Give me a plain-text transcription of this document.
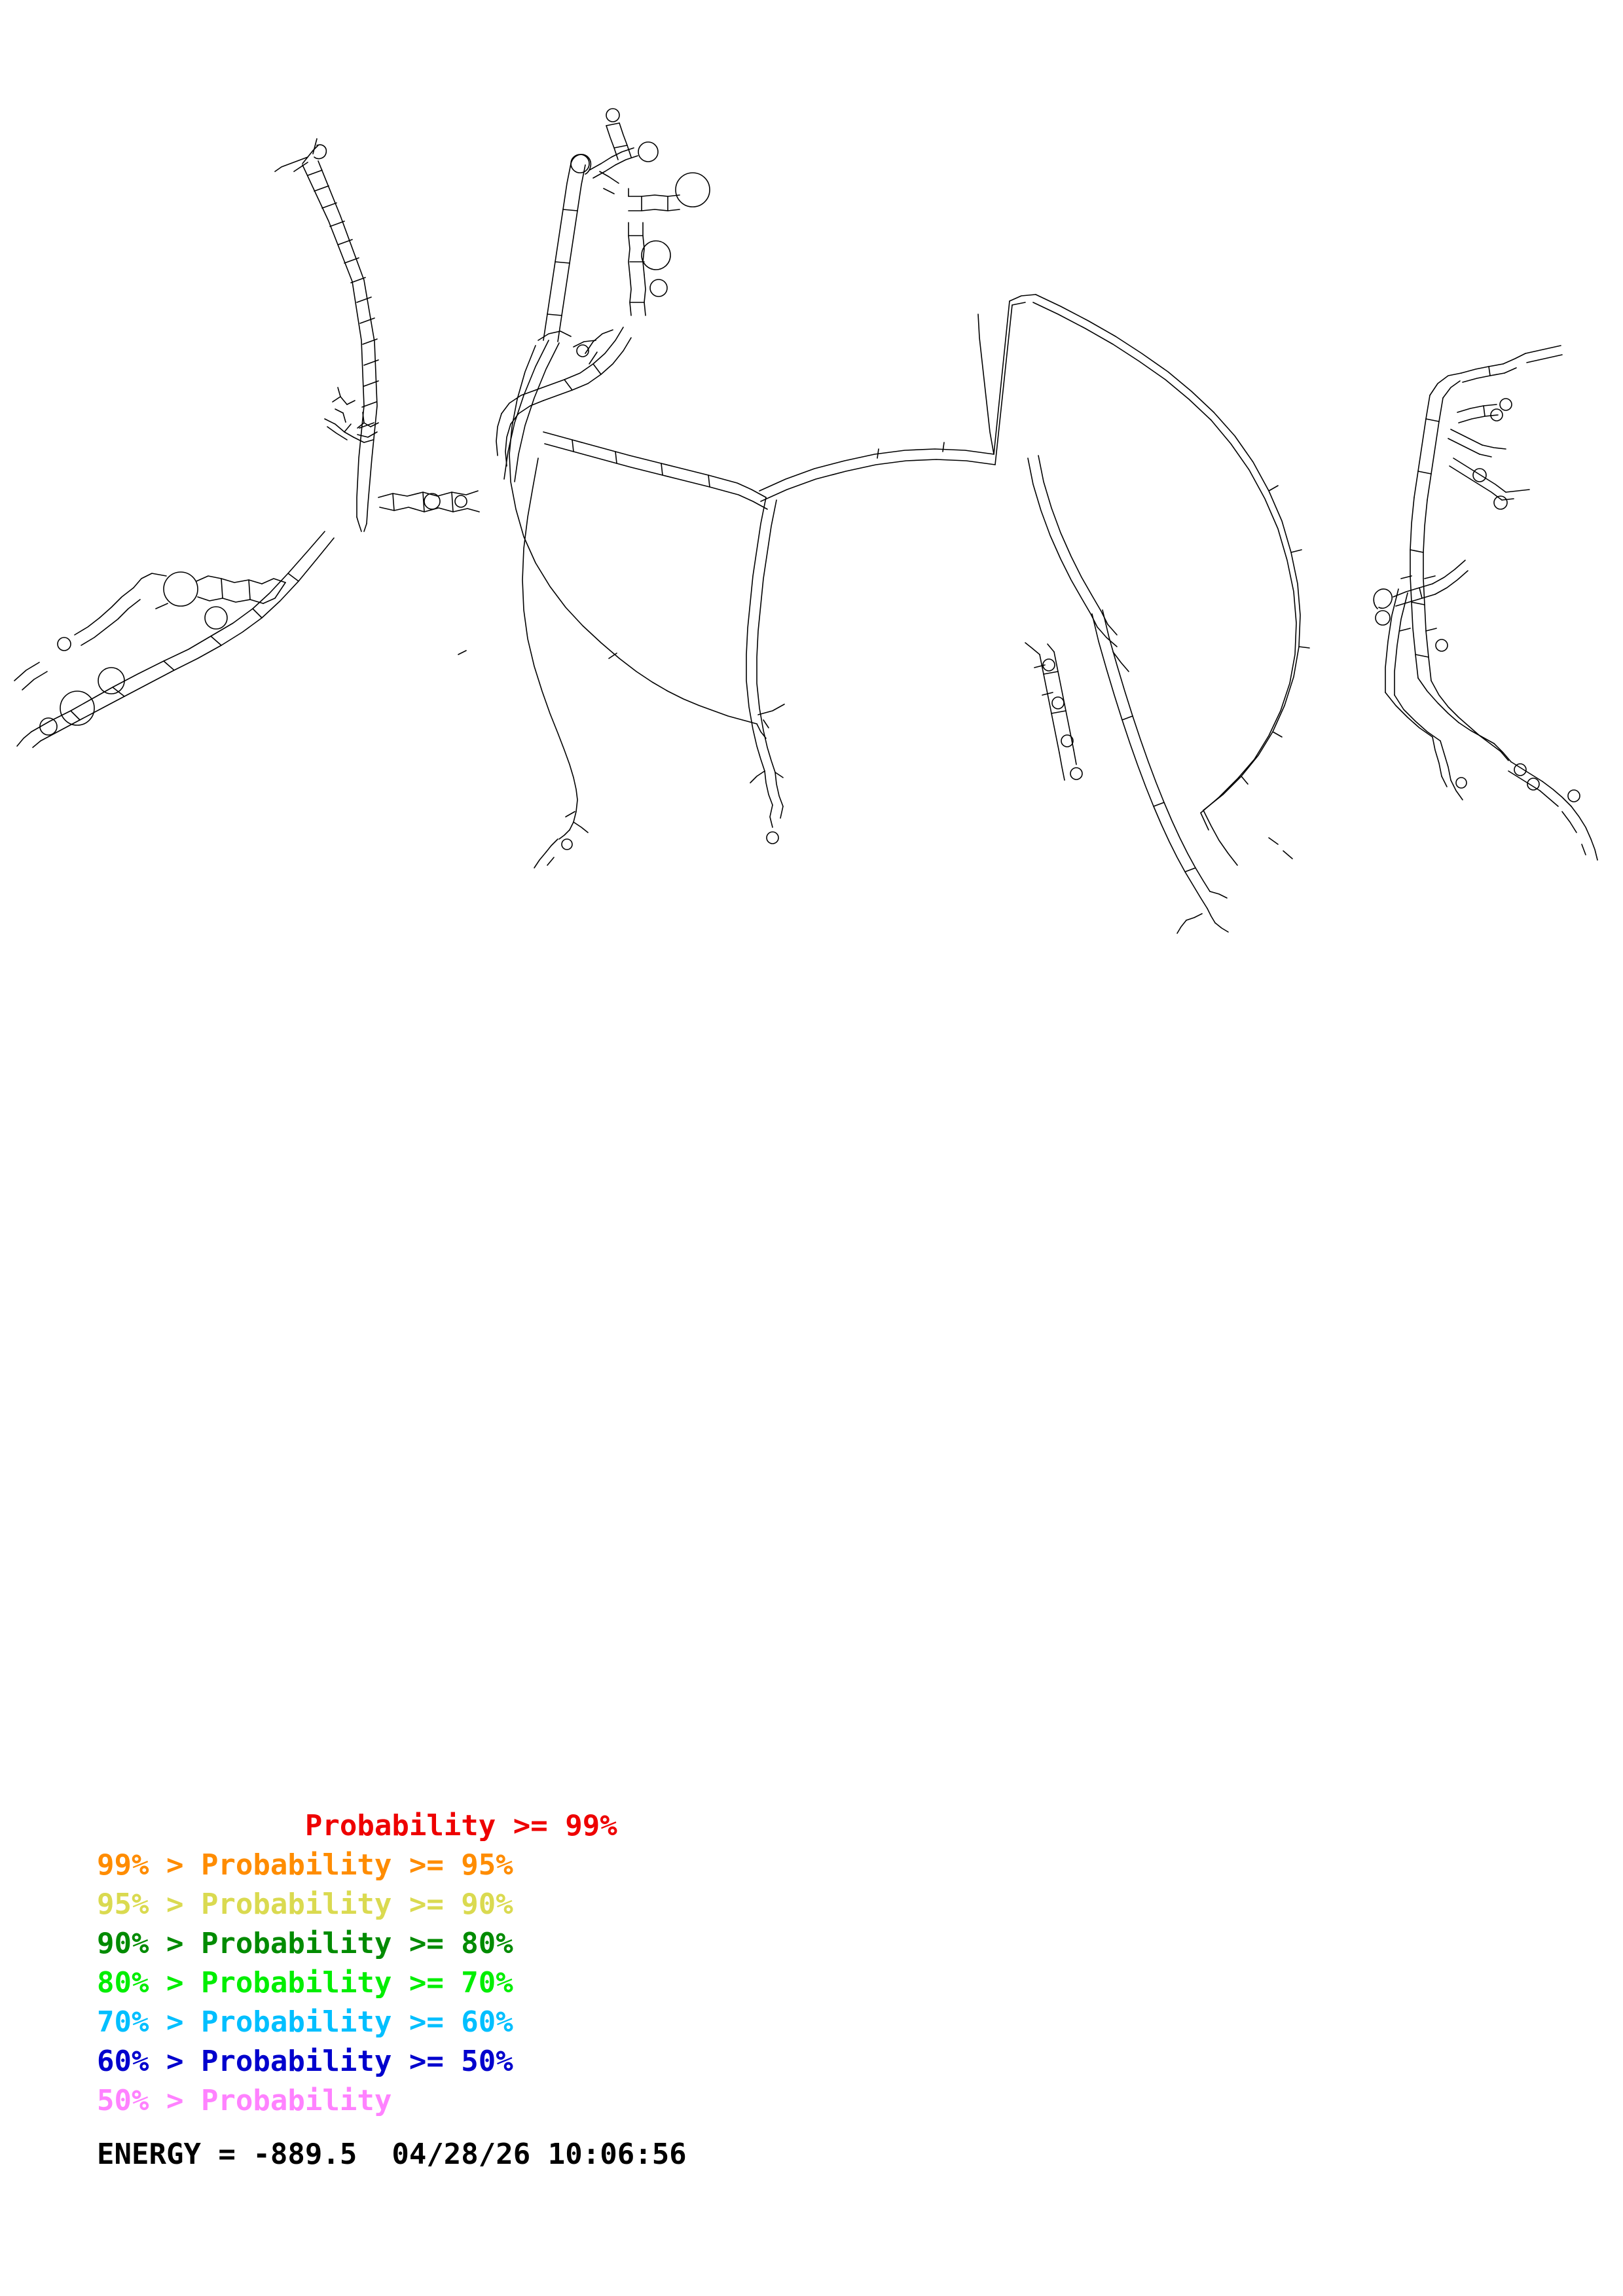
Probability >= 99%
99% > Probability >= 95%
95% > Probability >= 90%
90% > Probability >= 80%
80% > Probability >= 70%
70% > Probability >= 60%
60% > Probability >= 50%
50% > Probability
ENERGY = -889.5  04/28/26 10:06:56
